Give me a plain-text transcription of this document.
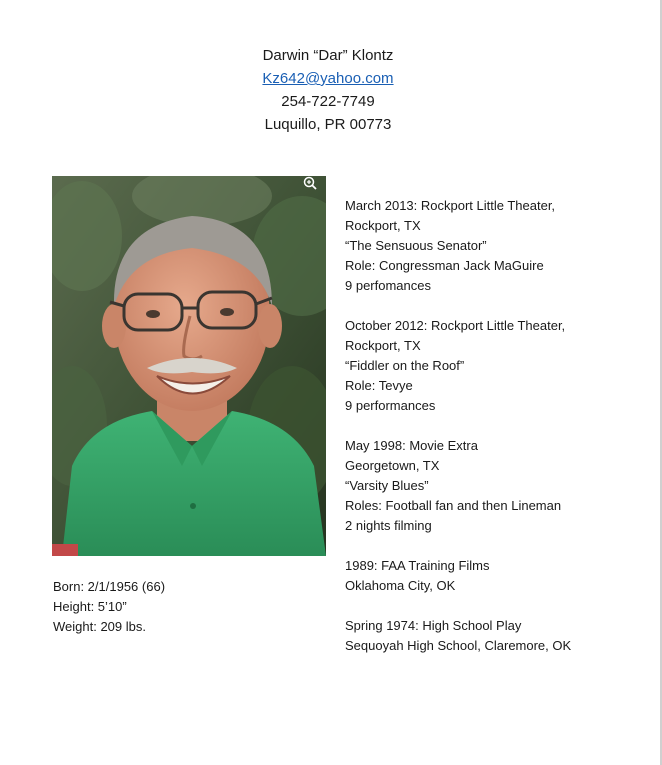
Darwin “Dar” Klontz
Kz642@yahoo.com
254-722-7749
Luquillo, PR 00773
Born: 2/1/1956 (66)
Height: 5’10”
Weight: 209 lbs.
March 2013: Rockport Little Theater,
Rockport, TX
“The Sensuous Senator”
Role: Congressman Jack MaGuire
9 perfomances
October 2012: Rockport Little Theater,
Rockport, TX
“Fiddler on the Roof”
Role: Tevye
9 performances
May 1998: Movie Extra
Georgetown, TX
“Varsity Blues”
Roles: Football fan and then Lineman
2 nights filming
1989: FAA Training Films
Oklahoma City, OK
Spring 1974: High School Play
Sequoyah High School, Claremore, OK
